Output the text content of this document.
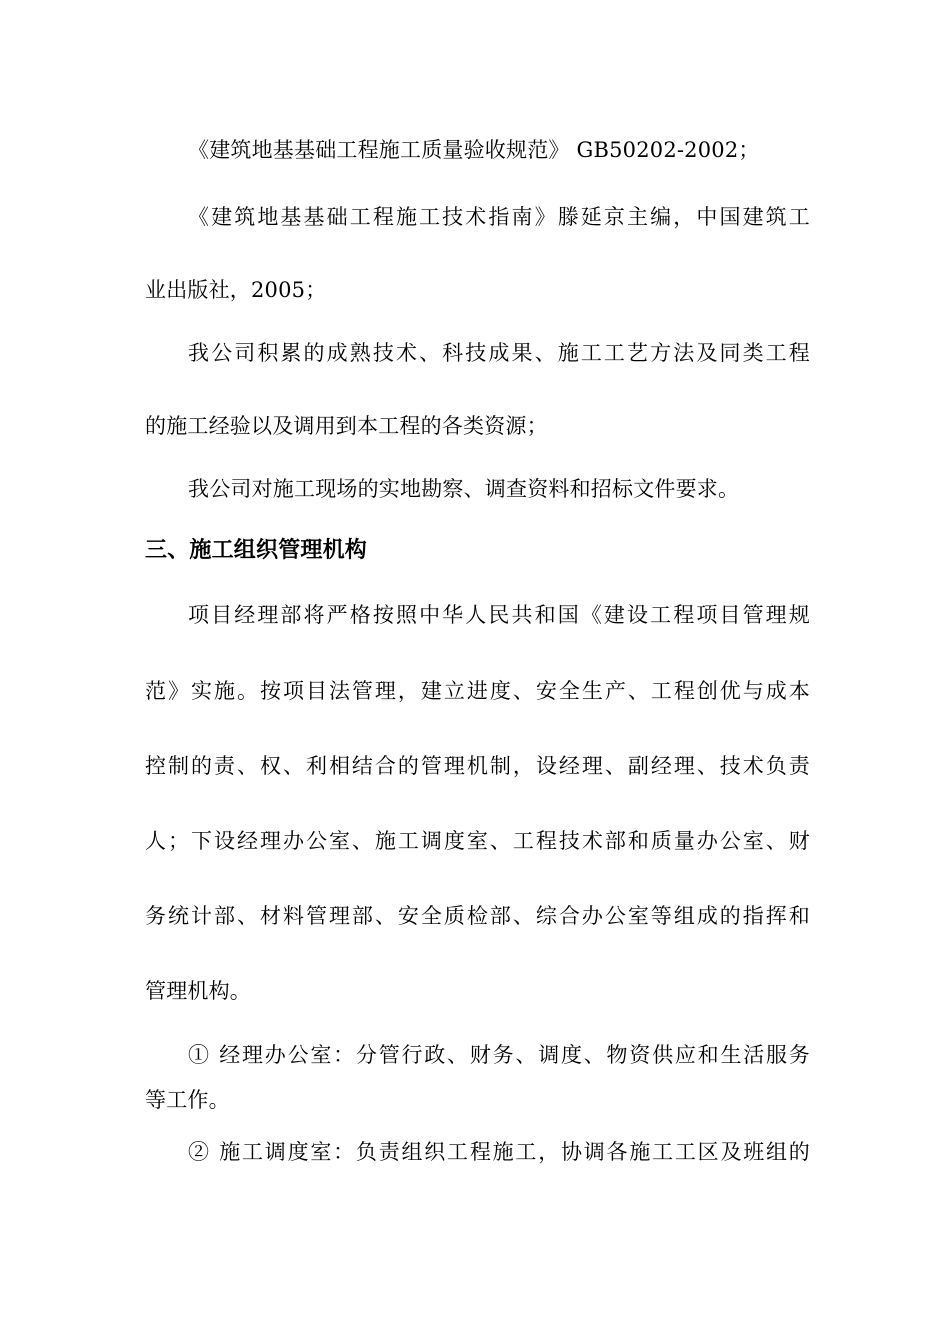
《建筑地基基础工程施工质量验收规范》 GB50202-2002；
《建筑地基基础工程施工技术指南》滕延京主编，中国建筑工
业出版社，2005；
我公司积累的成熟技术、科技成果、施工工艺方法及同类工程
的施工经验以及调用到本工程的各类资源；
我公司对施工现场的实地勘察、调查资料和招标文件要求。
三、施工组织管理机构
项目经理部将严格按照中华人民共和国《建设工程项目管理规
范》实施。按项目法管理，建立进度、安全生产、工程创优与成本
控制的责、权、利相结合的管理机制，设经理、副经理、技术负责
人；下设经理办公室、施工调度室、工程技术部和质量办公室、财
务统计部、材料管理部、安全质检部、综合办公室等组成的指挥和
管理机构。
① 经理办公室：分管行政、财务、调度、物资供应和生活服务
等工作。
② 施工调度室：负责组织工程施工，协调各施工工区及班组的
